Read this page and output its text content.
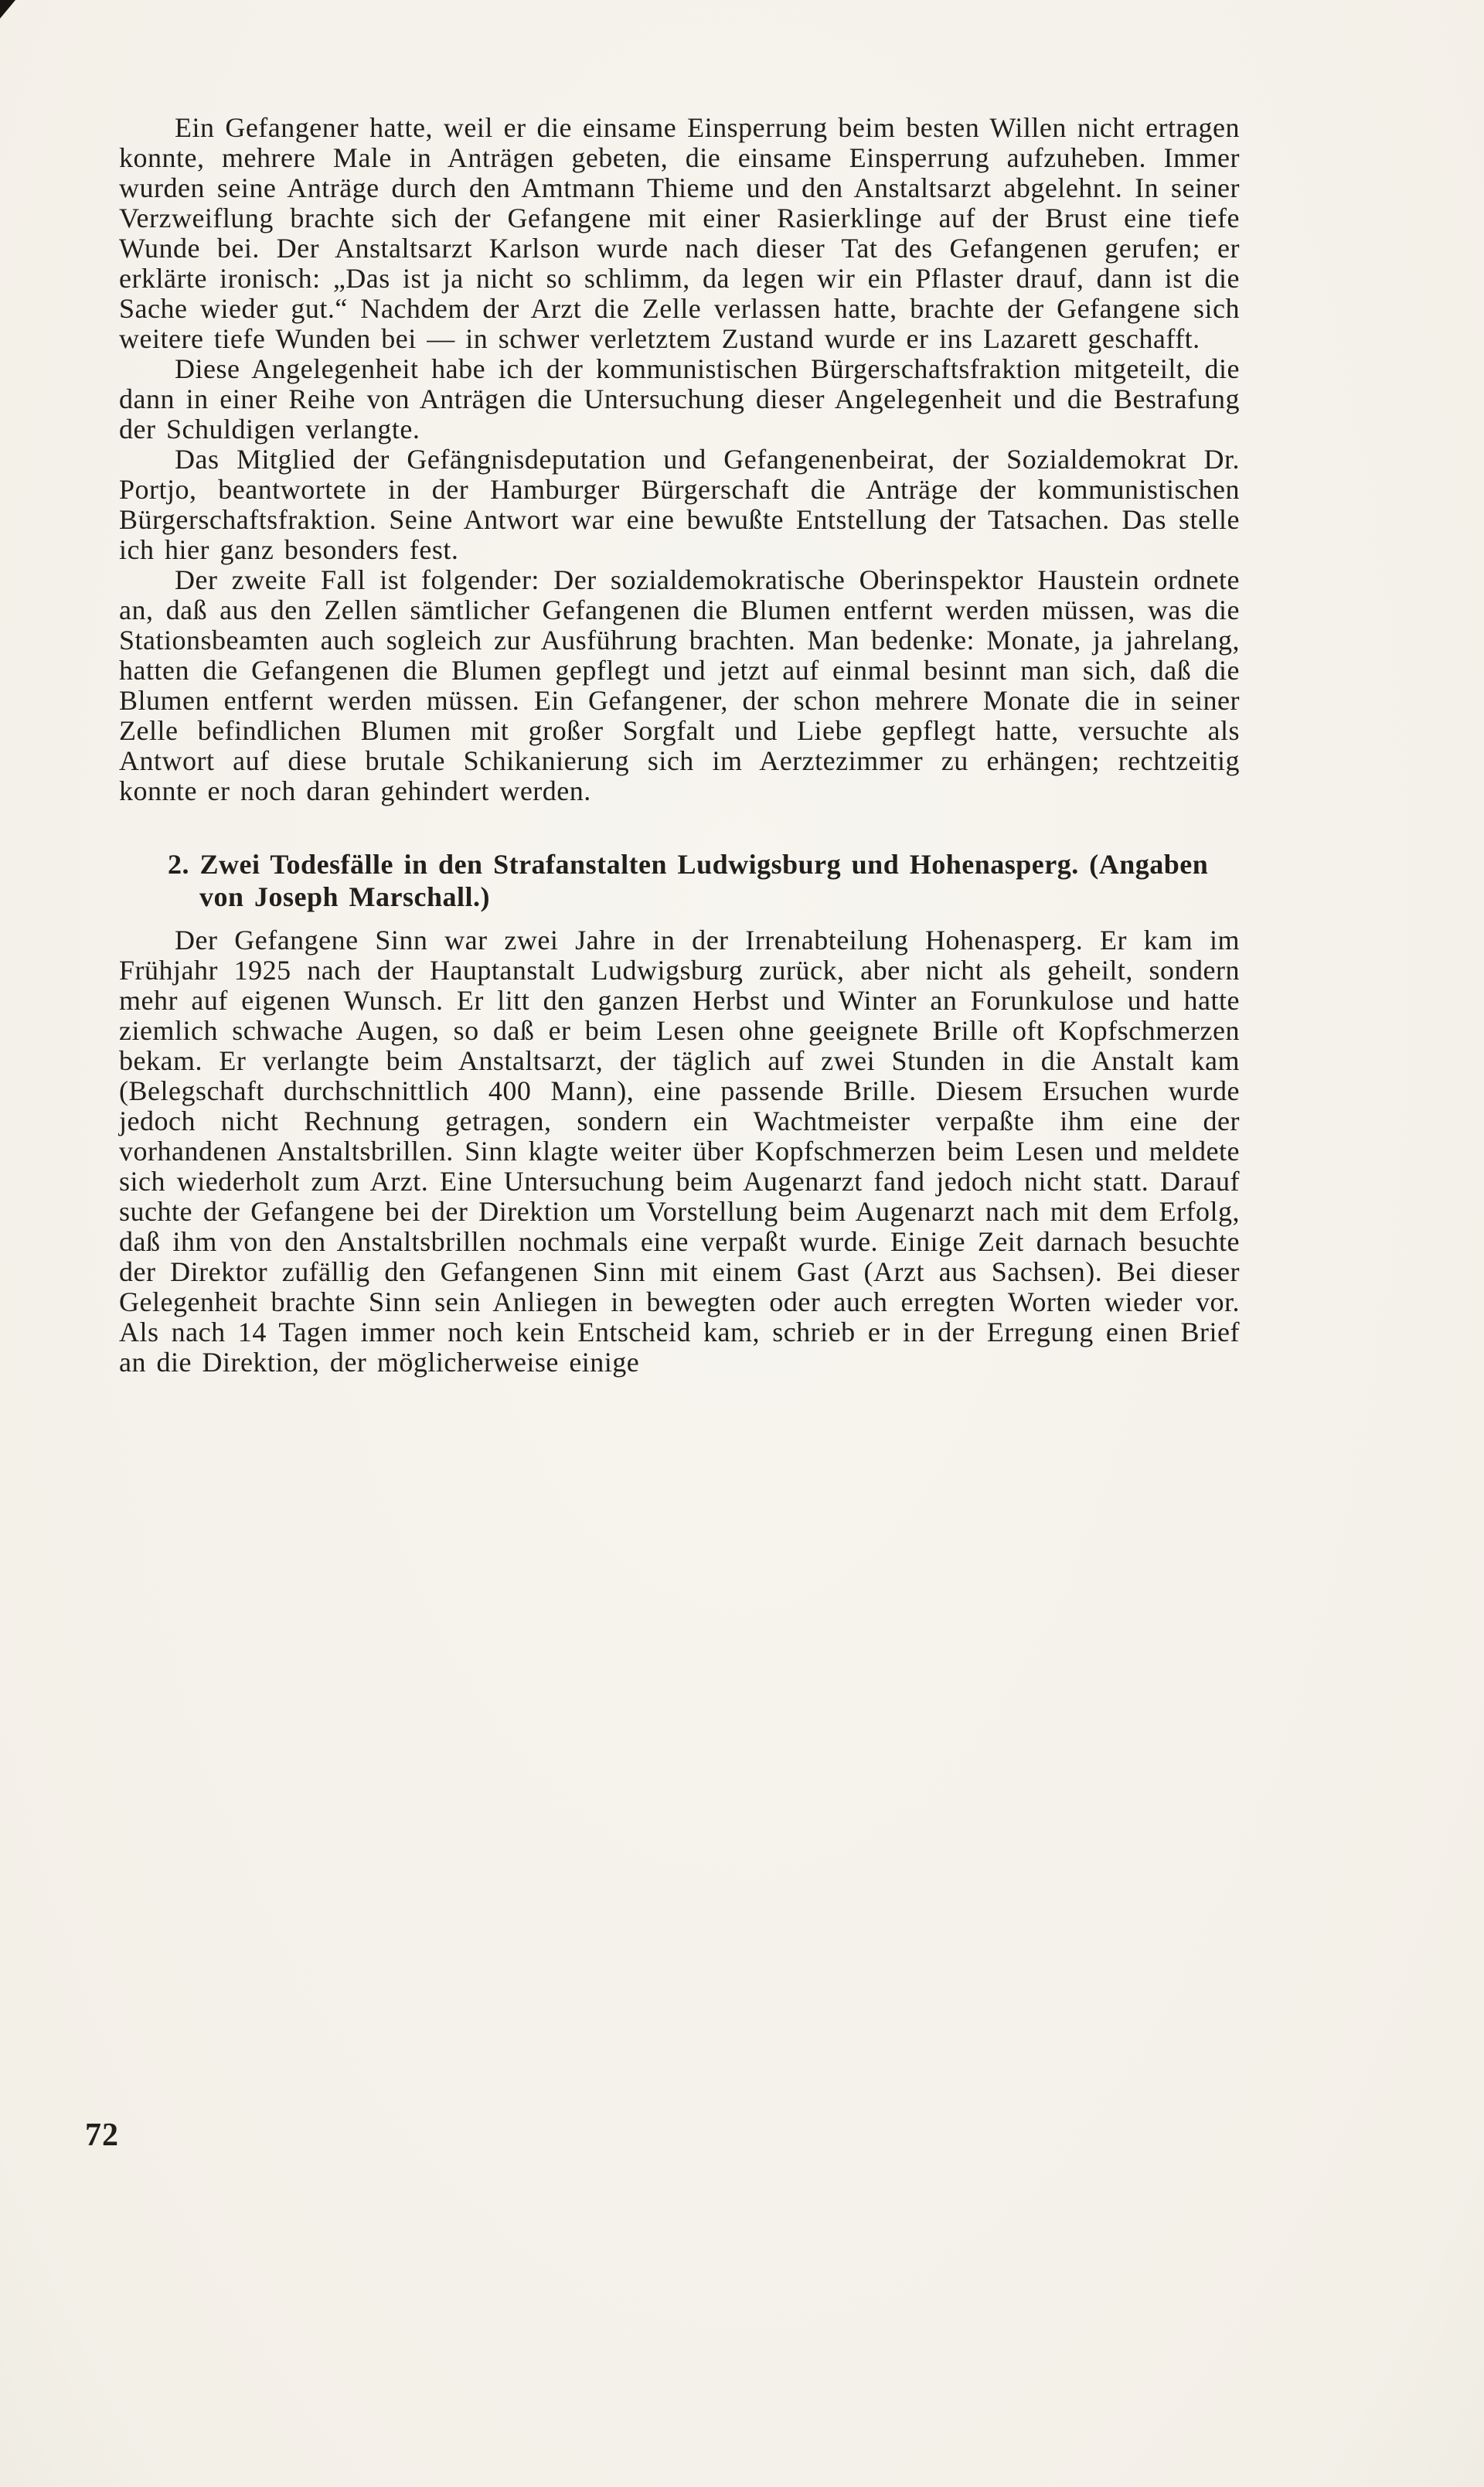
Ein Gefangener hatte, weil er die einsame Einsperrung beim besten Willen nicht ertragen konnte, mehrere Male in Anträgen gebeten, die einsame Einsperrung aufzuheben. Immer wurden seine Anträge durch den Amtmann Thieme und den Anstaltsarzt abgelehnt. In seiner Verzweiflung brachte sich der Gefangene mit einer Rasierklinge auf der Brust eine tiefe Wunde bei. Der Anstaltsarzt Karlson wurde nach dieser Tat des Gefangenen gerufen; er erklärte ironisch: „Das ist ja nicht so schlimm, da legen wir ein Pflaster drauf, dann ist die Sache wieder gut.“ Nachdem der Arzt die Zelle verlassen hatte, brachte der Gefangene sich weitere tiefe Wunden bei — in schwer verletztem Zustand wurde er ins Lazarett geschafft.

Diese Angelegenheit habe ich der kommunistischen Bürgerschaftsfraktion mitgeteilt, die dann in einer Reihe von Anträgen die Untersuchung dieser Angelegenheit und die Bestrafung der Schuldigen verlangte.

Das Mitglied der Gefängnisdeputation und Gefangenenbeirat, der Sozialdemokrat Dr. Portjo, beantwortete in der Hamburger Bürgerschaft die Anträge der kommunistischen Bürgerschaftsfraktion. Seine Antwort war eine bewußte Entstellung der Tatsachen. Das stelle ich hier ganz besonders fest.

Der zweite Fall ist folgender: Der sozialdemokratische Oberinspektor Haustein ordnete an, daß aus den Zellen sämtlicher Gefangenen die Blumen entfernt werden müssen, was die Stationsbeamten auch sogleich zur Ausführung brachten. Man bedenke: Monate, ja jahrelang, hatten die Gefangenen die Blumen gepflegt und jetzt auf einmal besinnt man sich, daß die Blumen entfernt werden müssen. Ein Gefangener, der schon mehrere Monate die in seiner Zelle befindlichen Blumen mit großer Sorgfalt und Liebe gepflegt hatte, versuchte als Antwort auf diese brutale Schikanierung sich im Aerztezimmer zu erhängen; rechtzeitig konnte er noch daran gehindert werden.

2. Zwei Todesfälle in den Strafanstalten Ludwigsburg und Hohenasperg. (Angaben von Joseph Marschall.)

Der Gefangene Sinn war zwei Jahre in der Irrenabteilung Hohenasperg. Er kam im Frühjahr 1925 nach der Hauptanstalt Ludwigsburg zurück, aber nicht als geheilt, sondern mehr auf eigenen Wunsch. Er litt den ganzen Herbst und Winter an Forunkulose und hatte ziemlich schwache Augen, so daß er beim Lesen ohne geeignete Brille oft Kopfschmerzen bekam. Er verlangte beim Anstaltsarzt, der täglich auf zwei Stunden in die Anstalt kam (Belegschaft durchschnittlich 400 Mann), eine passende Brille. Diesem Ersuchen wurde jedoch nicht Rechnung getragen, sondern ein Wachtmeister verpaßte ihm eine der vorhandenen Anstaltsbrillen. Sinn klagte weiter über Kopfschmerzen beim Lesen und meldete sich wiederholt zum Arzt. Eine Untersuchung beim Augenarzt fand jedoch nicht statt. Darauf suchte der Gefangene bei der Direktion um Vorstellung beim Augenarzt nach mit dem Erfolg, daß ihm von den Anstaltsbrillen nochmals eine verpaßt wurde. Einige Zeit darnach besuchte der Direktor zufällig den Gefangenen Sinn mit einem Gast (Arzt aus Sachsen). Bei dieser Gelegenheit brachte Sinn sein Anliegen in bewegten oder auch erregten Worten wieder vor. Als nach 14 Tagen immer noch kein Entscheid kam, schrieb er in der Erregung einen Brief an die Direktion, der möglicherweise einige

72
